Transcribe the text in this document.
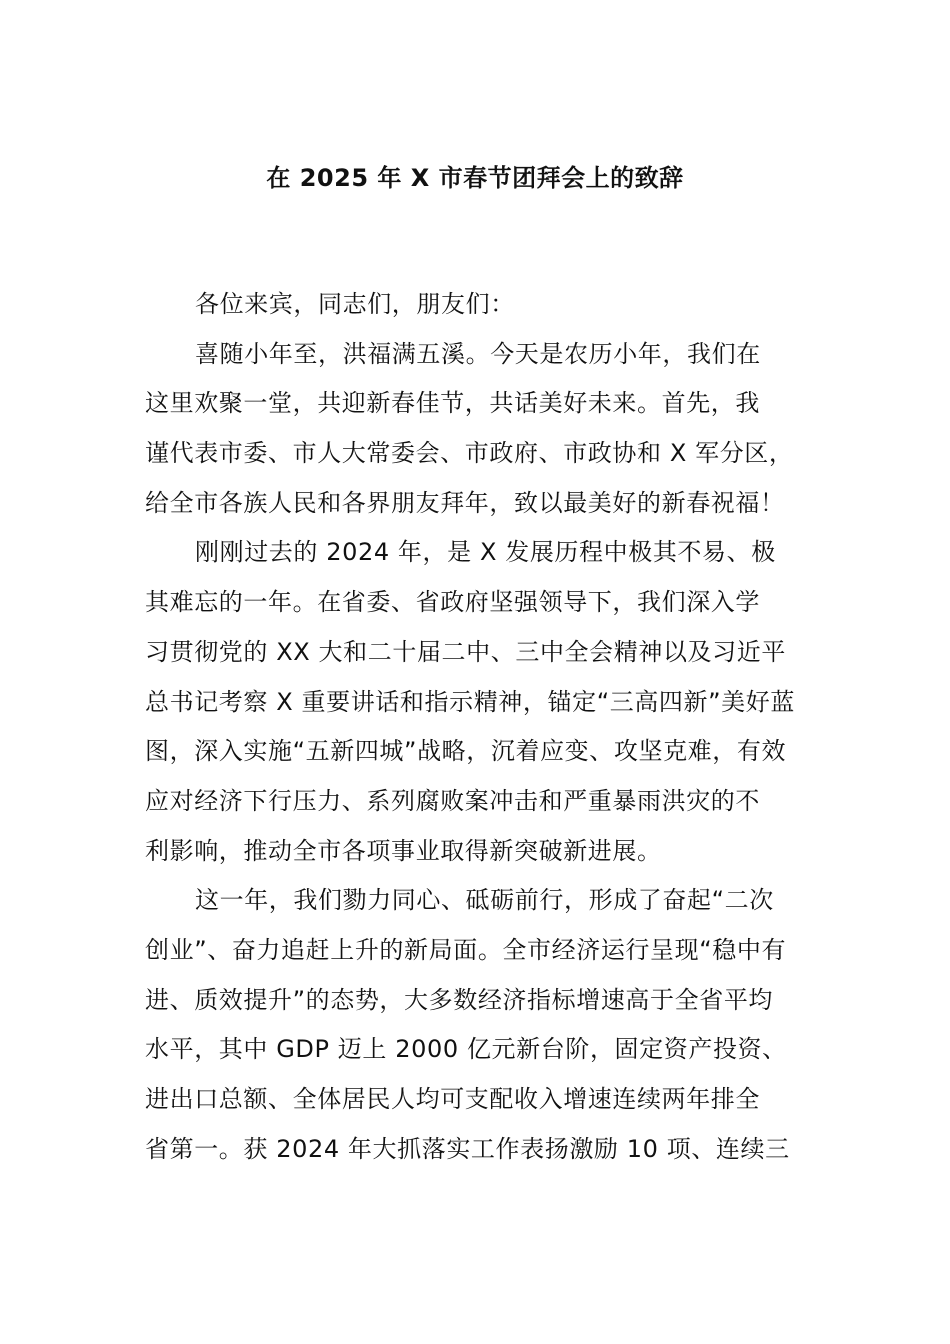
在 2025 年 X 市春节团拜会上的致辞
各位来宾，同志们，朋友们：
喜随小年至，洪福满五溪。今天是农历小年，我们在
这里欢聚一堂，共迎新春佳节，共话美好未来。首先，我
谨代表市委、市人大常委会、市政府、市政协和 X 军分区，
给全市各族人民和各界朋友拜年，致以最美好的新春祝福！
刚刚过去的 2024 年，是 X 发展历程中极其不易、极
其难忘的一年。在省委、省政府坚强领导下，我们深入学
习贯彻党的 XX 大和二十届二中、三中全会精神以及习近平
总书记考察 X 重要讲话和指示精神，锚定“三高四新”美好蓝
图，深入实施“五新四城”战略，沉着应变、攻坚克难，有效
应对经济下行压力、系列腐败案冲击和严重暴雨洪灾的不
利影响，推动全市各项事业取得新突破新进展。
这一年，我们勠力同心、砥砺前行，形成了奋起“二次
创业”、奋力追赶上升的新局面。全市经济运行呈现“稳中有
进、质效提升”的态势，大多数经济指标增速高于全省平均
水平，其中 GDP 迈上 2000 亿元新台阶，固定资产投资、
进出口总额、全体居民人均可支配收入增速连续两年排全
省第一。获 2024 年大抓落实工作表扬激励 10 项、连续三
